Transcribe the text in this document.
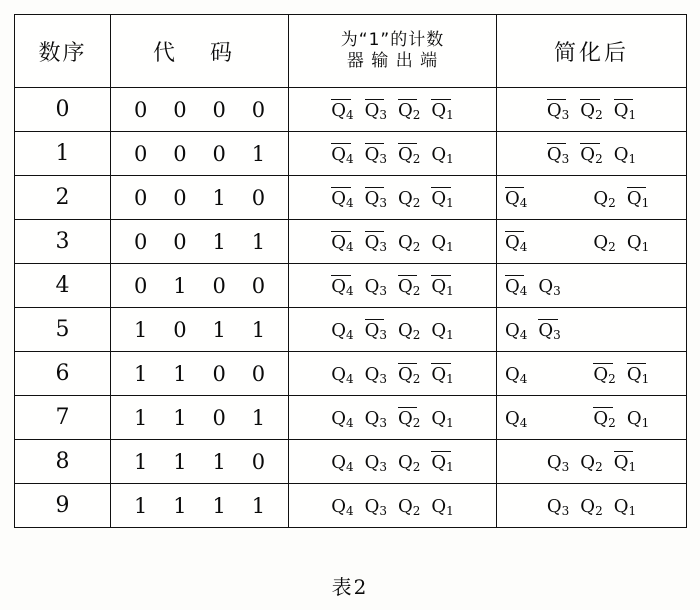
数序	代 码	为“1”的计数
器 输 出 端	简化后
0	0 0 0 0	$Q_4$ $Q_3$ $Q_2$ $Q_1$	$Q_3$ $Q_2$ $Q_1$

1	0 0 0 1	$Q_4$ $Q_3$ $Q_2$ $Q_1$	$Q_3$ $Q_2$ $Q_1$

2	0 0 1 0	$Q_4$ $Q_3$ $Q_2$ $Q_1$	$Q_4$ $Q_2$ $Q_1$

3	0 0 1 1	$Q_4$ $Q_3$ $Q_2$ $Q_1$	$Q_4$ $Q_2$ $Q_1$

4	0 1 0 0	$Q_4$ $Q_3$ $Q_2$ $Q_1$	$Q_4$ $Q_3$

5	1 0 1 1	$Q_4$ $Q_3$ $Q_2$ $Q_1$	$Q_4$ $Q_3$

6	1 1 0 0	$Q_4$ $Q_3$ $Q_2$ $Q_1$	$Q_4$ $Q_2$ $Q_1$

7	1 1 0 1	$Q_4$ $Q_3$ $Q_2$ $Q_1$	$Q_4$ $Q_2$ $Q_1$

8	1 1 1 0	$Q_4$ $Q_3$ $Q_2$ $Q_1$	$Q_3$ $Q_2$ $Q_1$

9	1 1 1 1	$Q_4$ $Q_3$ $Q_2$ $Q_1$	$Q_3$ $Q_2$ $Q_1$
表2
